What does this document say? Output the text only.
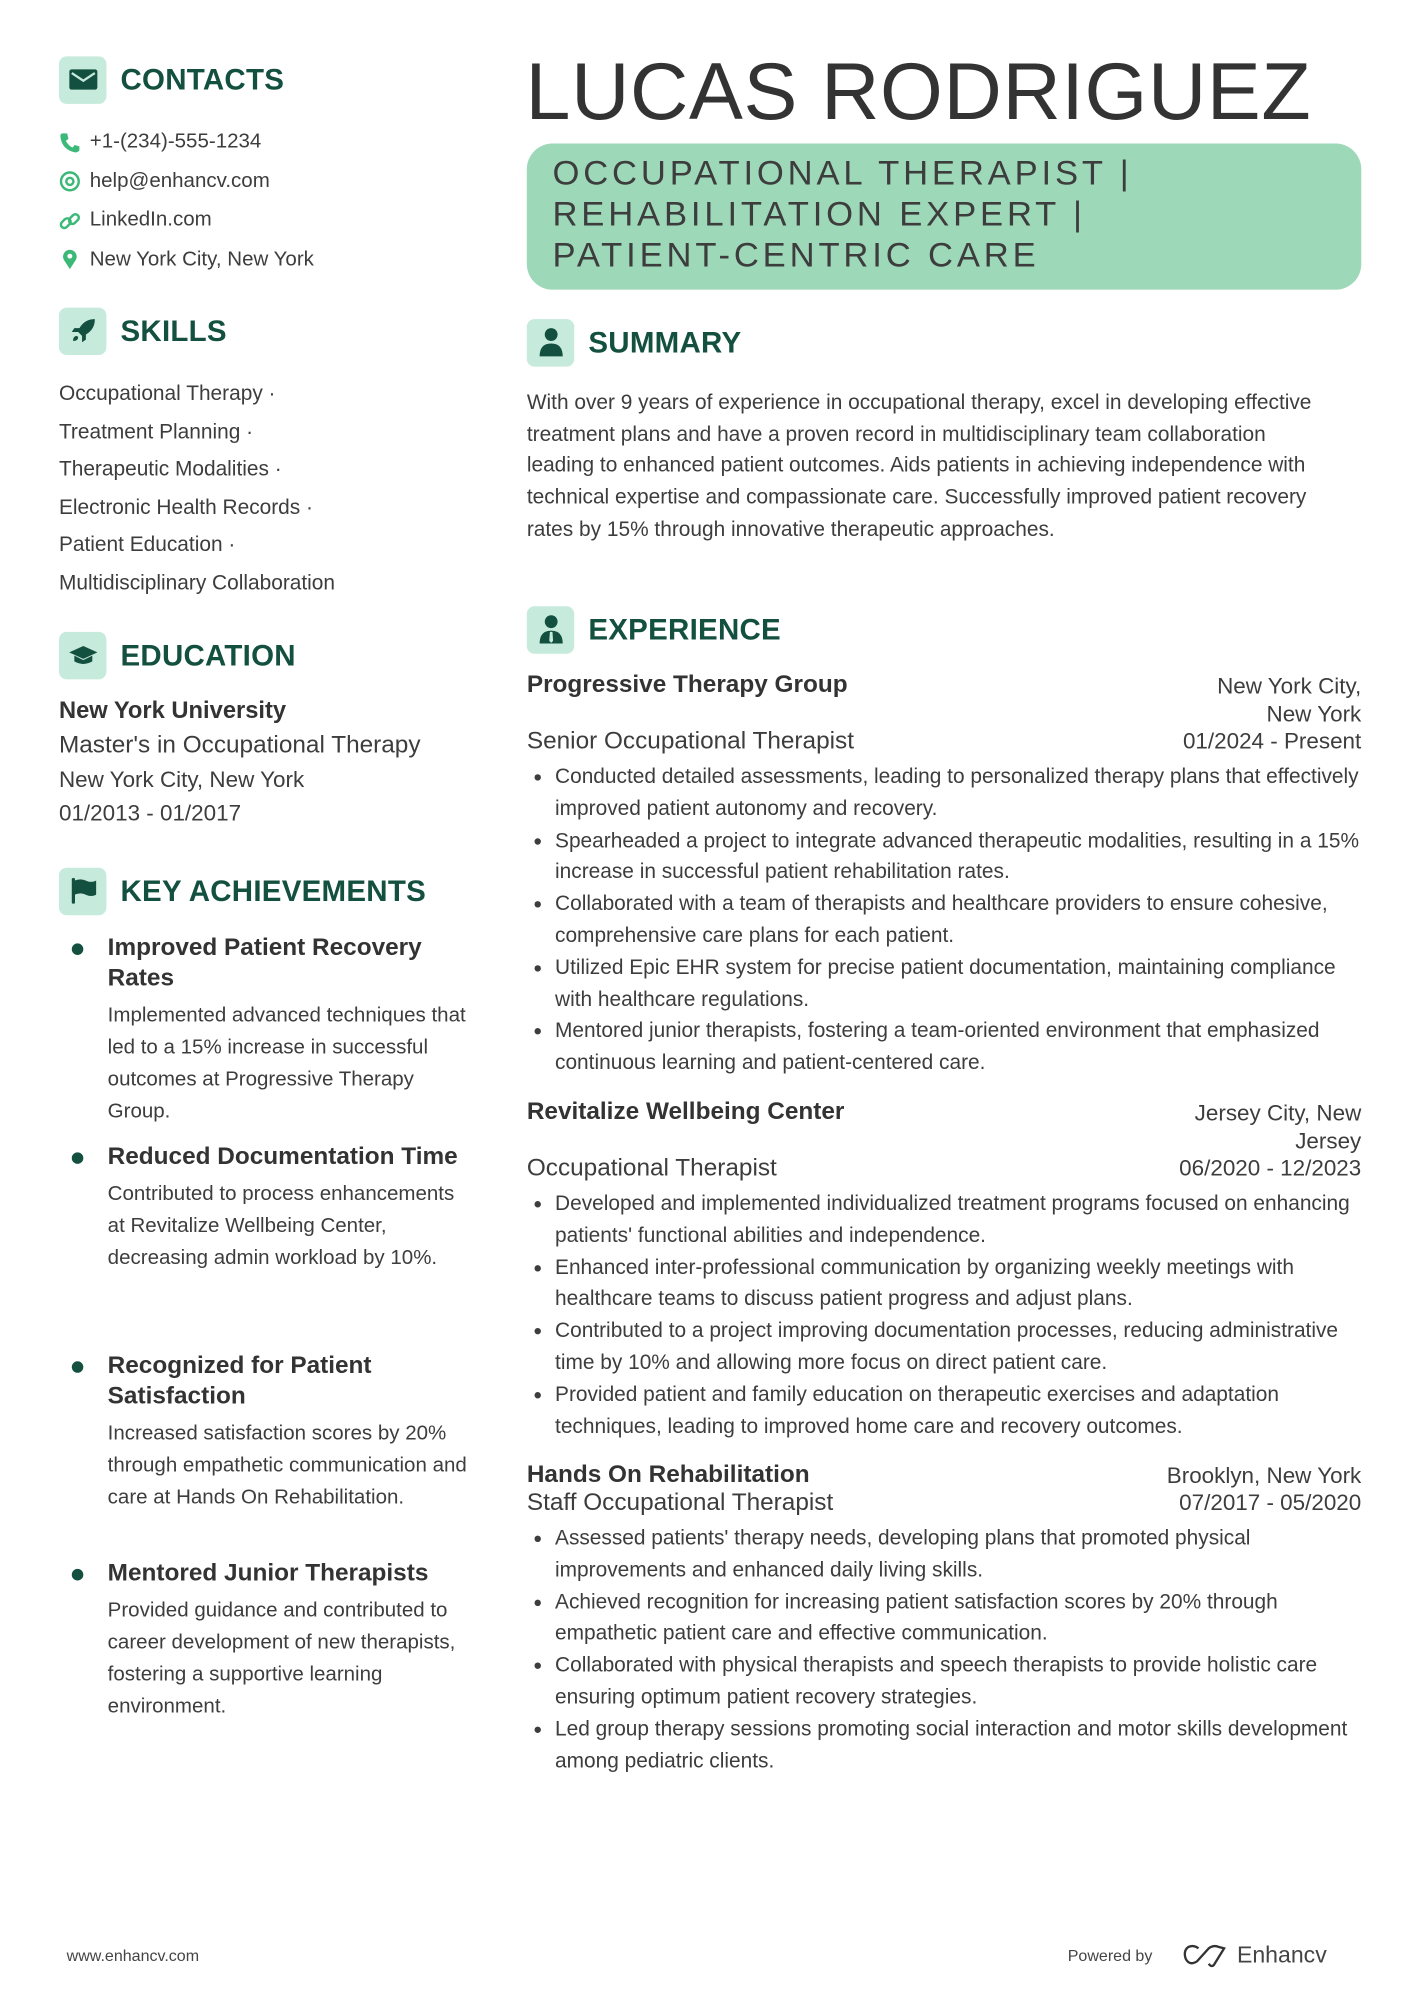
CONTACTS
+1-(234)-555-1234
help@enhancv.com
LinkedIn.com
New York City, New York
SKILLS
Occupational Therapy ·
Treatment Planning ·
Therapeutic Modalities ·
Electronic Health Records ·
Patient Education ·
Multidisciplinary Collaboration
EDUCATION
New York University
Master's in Occupational Therapy
New York City, New York
01/2013 - 01/2017
KEY ACHIEVEMENTS
Improved Patient Recovery Rates
Implemented advanced techniques that led to a 15% increase in successful outcomes at Progressive Therapy Group.
Reduced Documentation Time
Contributed to process enhancements at Revitalize Wellbeing Center, decreasing admin workload by 10%.
Recognized for Patient Satisfaction
Increased satisfaction scores by 20% through empathetic communication and care at Hands On Rehabilitation.
Mentored Junior Therapists
Provided guidance and contributed to career development of new therapists, fostering a supportive learning environment.
LUCAS RODRIGUEZ
OCCUPATIONAL THERAPIST | REHABILITATION EXPERT | PATIENT-CENTRIC CARE
SUMMARY
With over 9 years of experience in occupational therapy, excel in developing effective treatment plans and have a proven record in multidisciplinary team collaboration leading to enhanced patient outcomes. Aids patients in achieving independence with technical expertise and compassionate care. Successfully improved patient recovery rates by 15% through innovative therapeutic approaches.
EXPERIENCE
Progressive Therapy Group	New York City, New York
Senior Occupational Therapist	01/2024 - Present
• Conducted detailed assessments, leading to personalized therapy plans that effectively improved patient autonomy and recovery.
• Spearheaded a project to integrate advanced therapeutic modalities, resulting in a 15% increase in successful patient rehabilitation rates.
• Collaborated with a team of therapists and healthcare providers to ensure cohesive, comprehensive care plans for each patient.
• Utilized Epic EHR system for precise patient documentation, maintaining compliance with healthcare regulations.
• Mentored junior therapists, fostering a team-oriented environment that emphasized continuous learning and patient-centered care.
Revitalize Wellbeing Center	Jersey City, New Jersey
Occupational Therapist	06/2020 - 12/2023
• Developed and implemented individualized treatment programs focused on enhancing patients' functional abilities and independence.
• Enhanced inter-professional communication by organizing weekly meetings with healthcare teams to discuss patient progress and adjust plans.
• Contributed to a project improving documentation processes, reducing administrative time by 10% and allowing more focus on direct patient care.
• Provided patient and family education on therapeutic exercises and adaptation techniques, leading to improved home care and recovery outcomes.
Hands On Rehabilitation	Brooklyn, New York
Staff Occupational Therapist	07/2017 - 05/2020
• Assessed patients' therapy needs, developing plans that promoted physical improvements and enhanced daily living skills.
• Achieved recognition for increasing patient satisfaction scores by 20% through empathetic patient care and effective communication.
• Collaborated with physical therapists and speech therapists to provide holistic care ensuring optimum patient recovery strategies.
• Led group therapy sessions promoting social interaction and motor skills development among pediatric clients.
www.enhancv.com	Powered by	Enhancv
